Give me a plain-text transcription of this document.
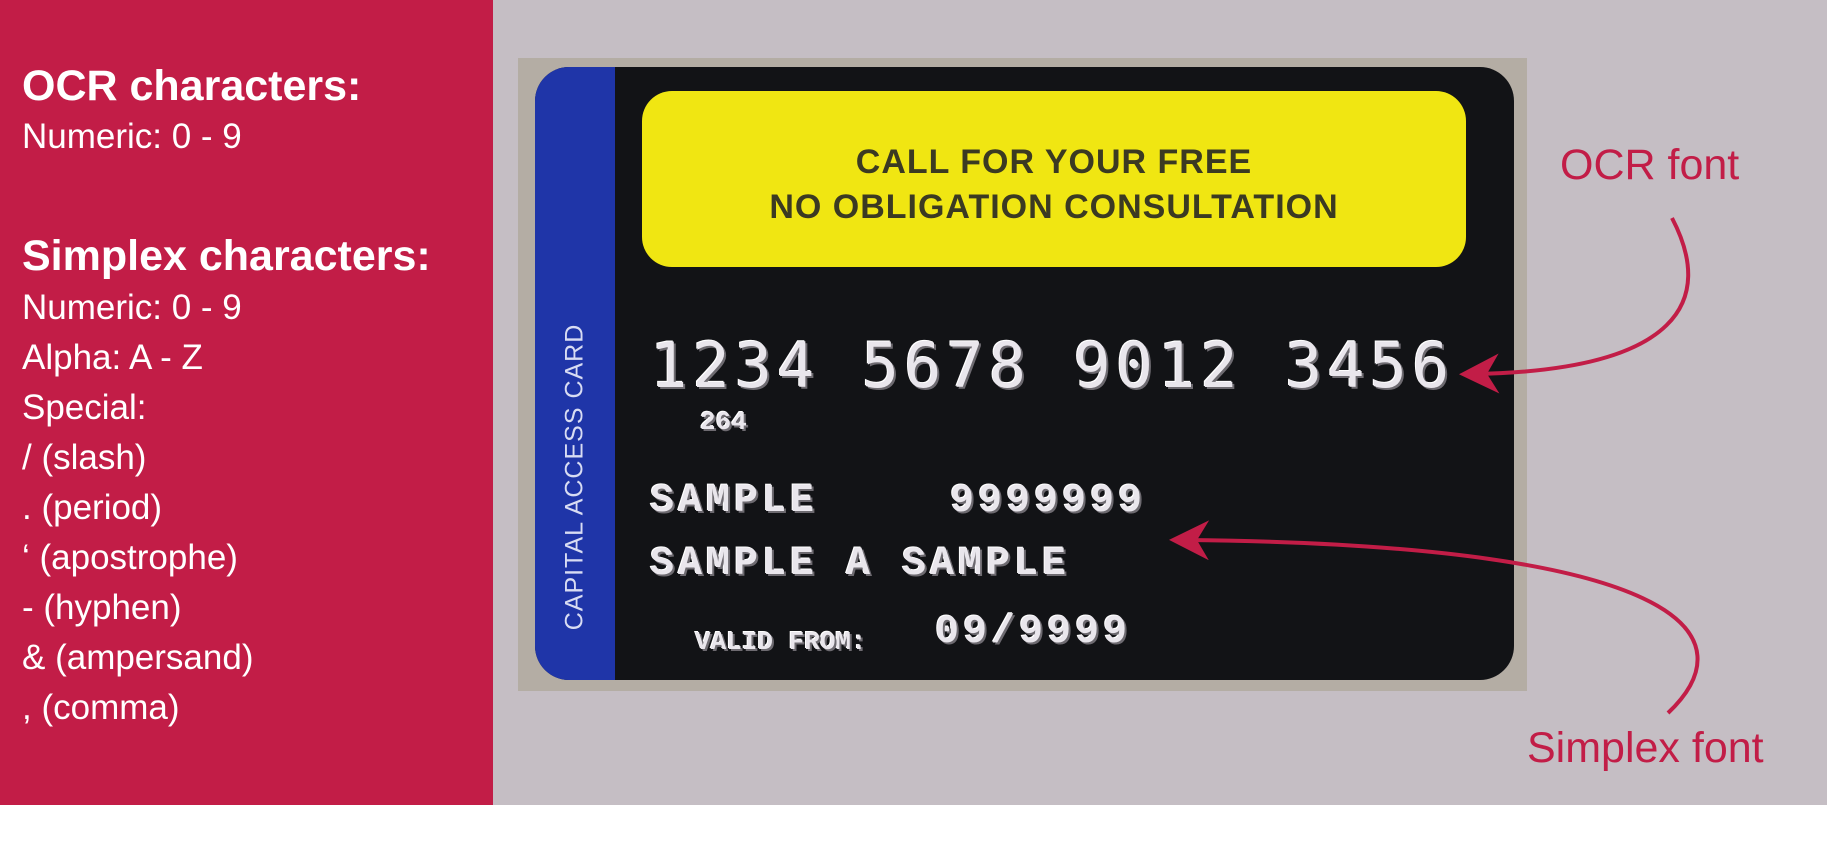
OCR characters:
Numeric: 0 - 9
Simplex characters:
Numeric: 0 - 9
Alpha: A - Z
Special:
/ (slash)
. (period)
‘ (apostrophe)
- (hyphen)
& (ampersand)
, (comma)
CAPITAL ACCESS CARD
CALL FOR YOUR FREE
NO OBLIGATION CONSULTATION
1234 5678 9012 3456
264
SAMPLE	9999999
SAMPLE A SAMPLE
VALID FROM: 09/9999
OCR font
Simplex font
